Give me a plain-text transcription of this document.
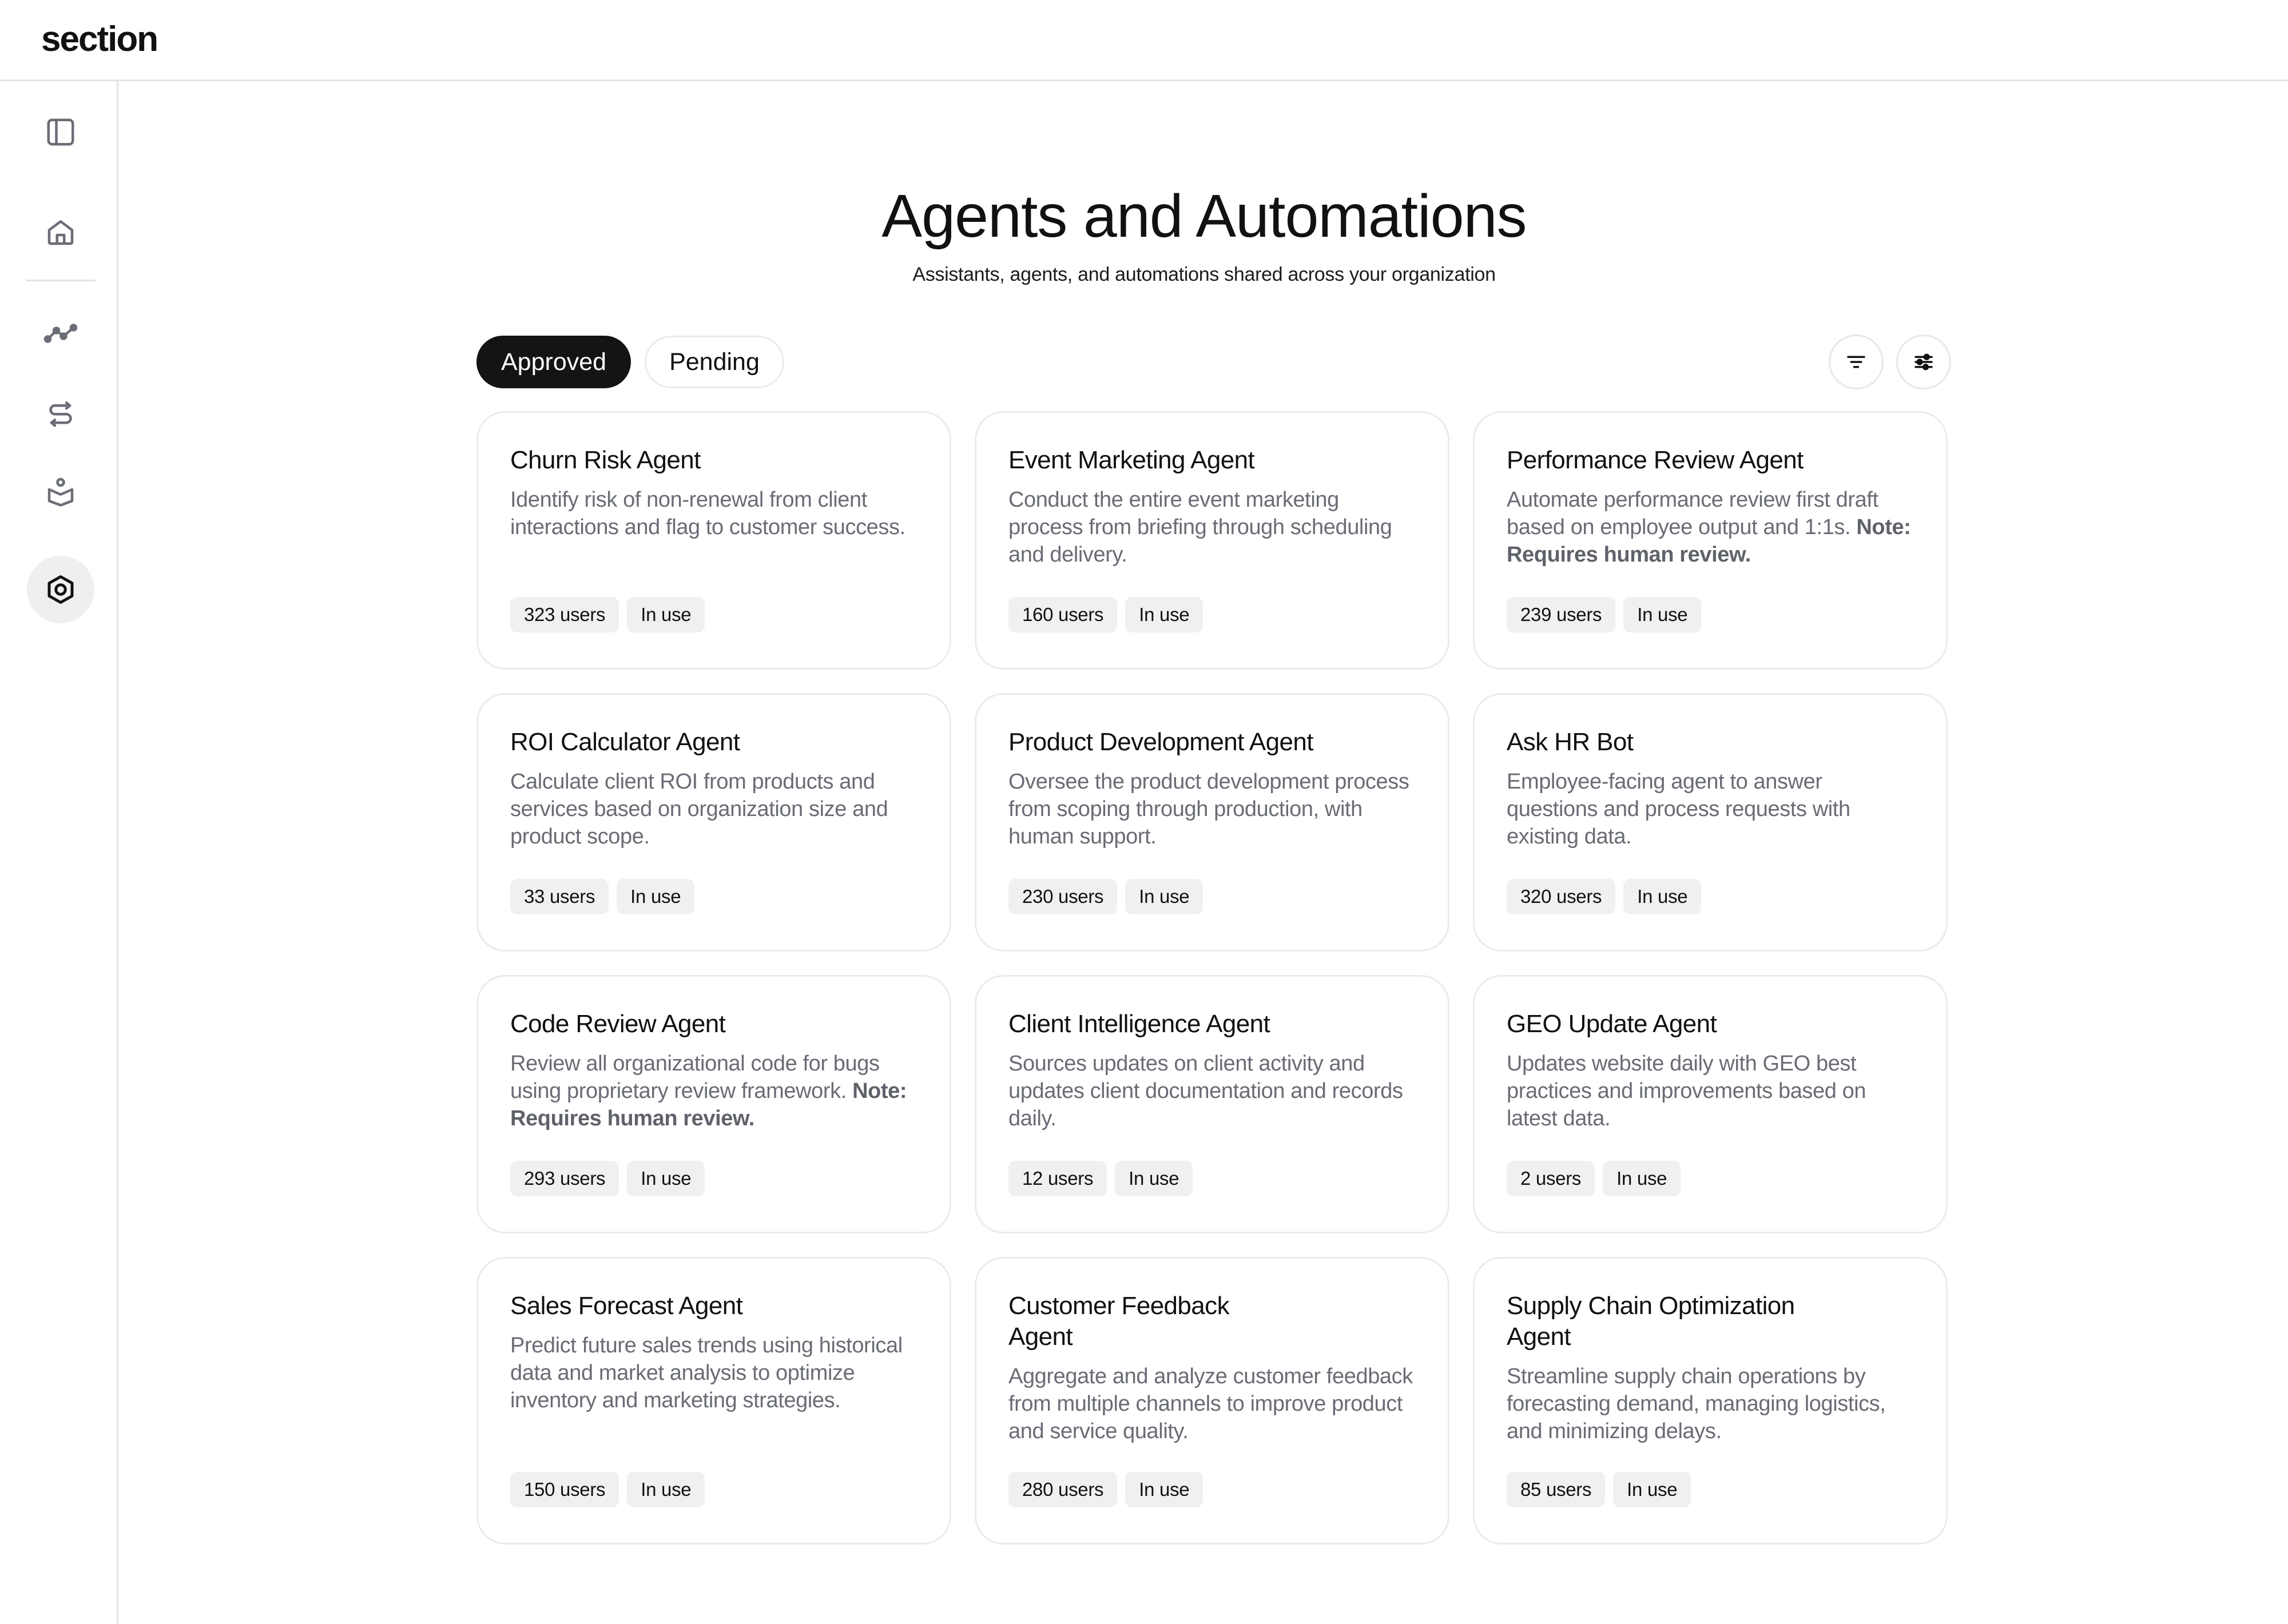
section
Agents and Automations

Assistants, agents, and automations shared across your organization

Approved	Pending
Churn Risk Agent
Identify risk of non-renewal from client interactions and flag to customer success.
323 users	In use
Event Marketing Agent
Conduct the entire event marketing process from briefing through scheduling and delivery.
160 users	In use
Performance Review Agent
Automate performance review first draft based on employee output and 1:1s. Note: Requires human review.
239 users	In use
ROI Calculator Agent
Calculate client ROI from products and services based on organization size and product scope.
33 users	In use
Product Development Agent
Oversee the product development process from scoping through production, with human support.
230 users	In use
Ask HR Bot
Employee-facing agent to answer questions and process requests with existing data.
320 users	In use
Code Review Agent
Review all organizational code for bugs using proprietary review framework. Note: Requires human review.
293 users	In use
Client Intelligence Agent
Sources updates on client activity and updates client documentation and records daily.
12 users	In use
GEO Update Agent
Updates website daily with GEO best practices and improvements based on latest data.
2 users	In use
Sales Forecast Agent
Predict future sales trends using historical data and market analysis to optimize inventory and marketing strategies.
150 users	In use
Customer Feedback Agent
Aggregate and analyze customer feedback from multiple channels to improve product and service quality.
280 users	In use
Supply Chain Optimization Agent
Streamline supply chain operations by forecasting demand, managing logistics, and minimizing delays.
85 users	In use
